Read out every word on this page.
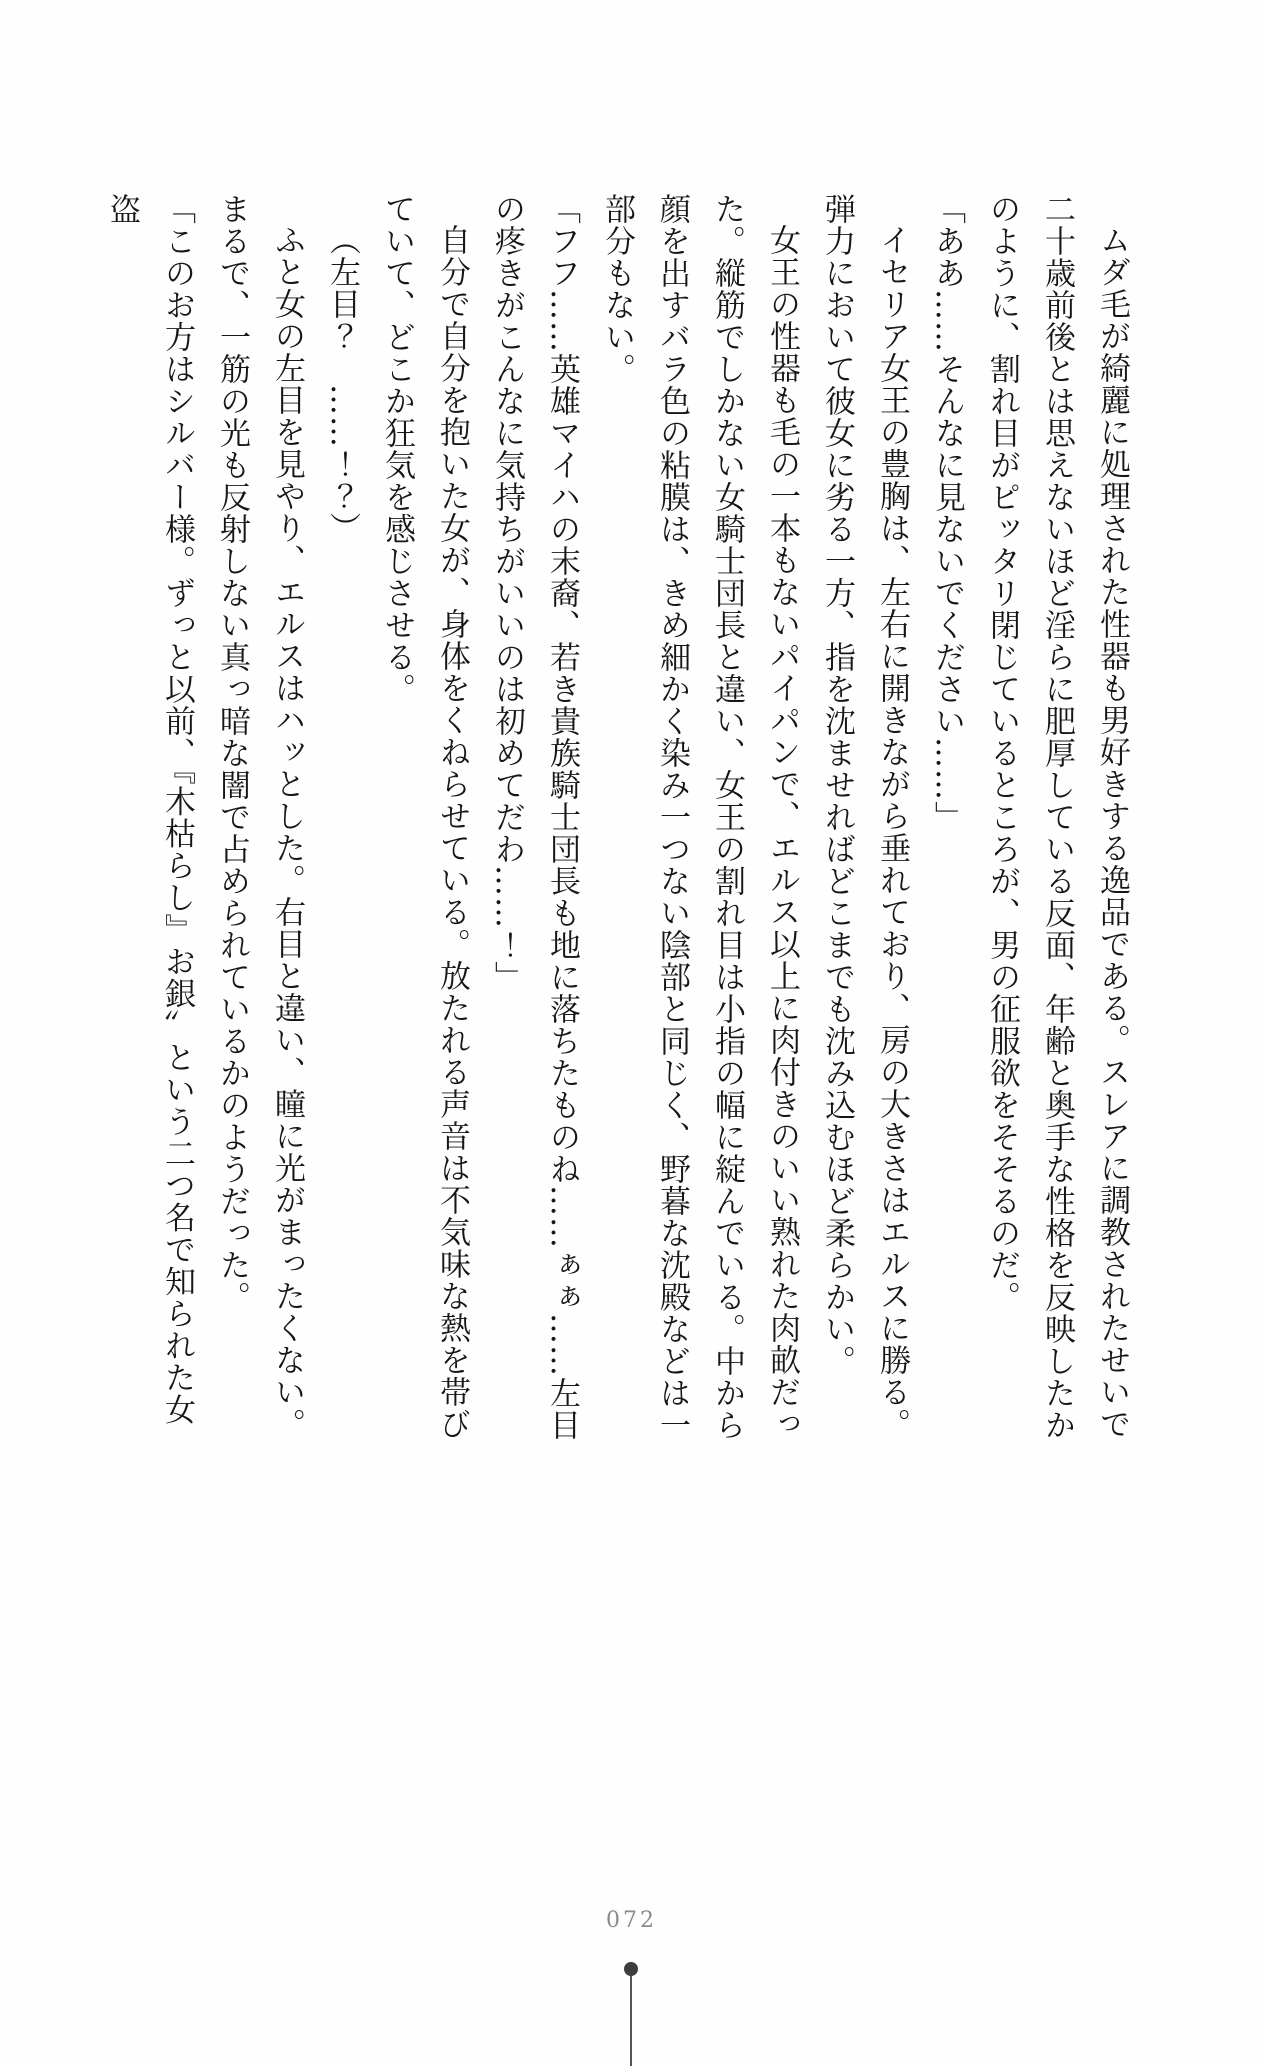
ムダ毛が綺麗に処理された性器も男好きする逸品である。スレアに調教されたせいで二十歳前後とは思えないほど淫らに肥厚している反面、年齢と奥手な性格を反映したかのように、割れ目がピッタリ閉じているところが、男の征服欲をそそるのだ。

「ああ……そんなに見ないでください……」

イセリア女王の豊胸は、左右に開きながら垂れており、房の大きさはエルスに勝る。弾力において彼女に劣る一方、指を沈ませればどこまでも沈み込むほど柔らかい。

女王の性器も毛の一本もないパイパンで、エルス以上に肉付きのいい熟れた肉畝だった。縦筋でしかない女騎士団長と違い、女王の割れ目は小指の幅に綻んでいる。中から顔を出すバラ色の粘膜は、きめ細かく染み一つない陰部と同じく、野暮な沈殿などは一部分もない。

「フフ……英雄マイハの末裔、若き貴族騎士団長も地に落ちたものね……ぁぁ……左目の疼きがこんなに気持ちがいいのは初めてだわ……！」

自分で自分を抱いた女が、身体をくねらせている。放たれる声音は不気味な熱を帯びていて、どこか狂気を感じさせる。

（左目？　……！？）

ふと女の左目を見やり、エルスはハッとした。右目と違い、瞳に光がまったくない。まるで、一筋の光も反射しない真っ暗な闇で占められているかのようだった。

「このお方はシルバー様。ずっと以前、『木枯らし』お銀〟という二つ名で知られた女盗

072
